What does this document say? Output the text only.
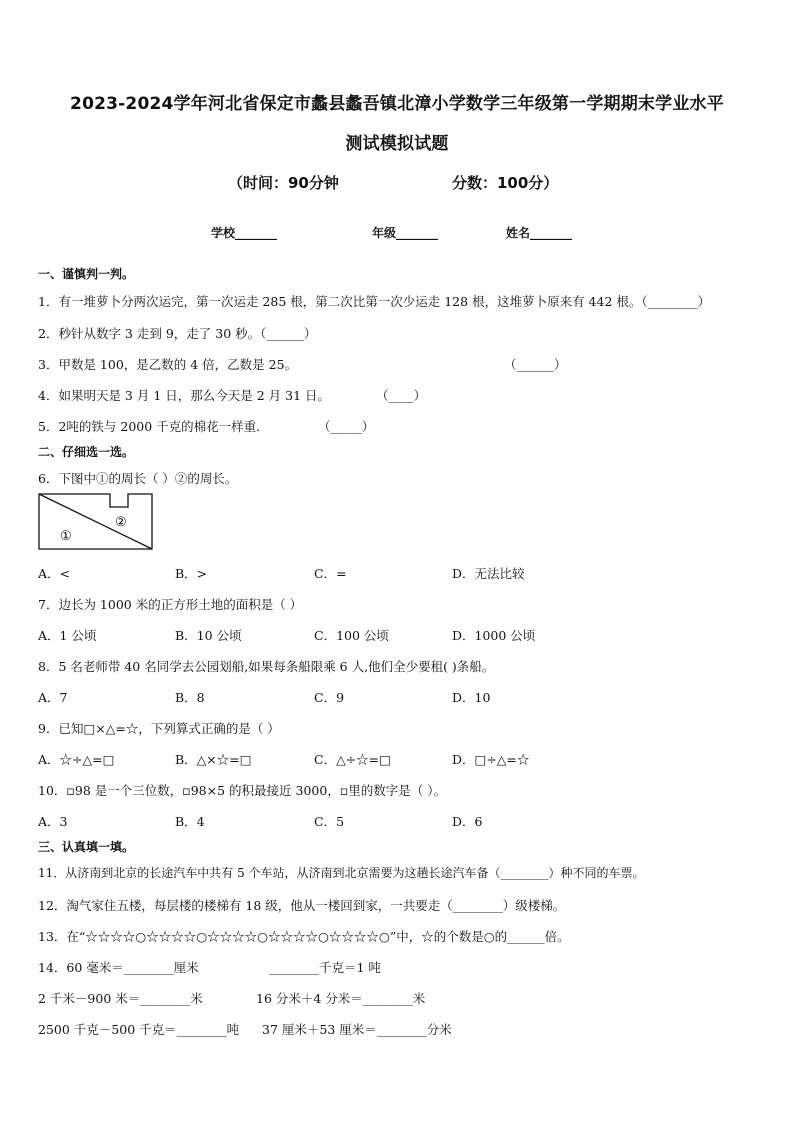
2023-2024学年河北省保定市蠡县蠡吾镇北漳小学数学三年级第一学期期末学业水平
测试模拟试题
（时间：90分钟	分数：100分）
学校_______	年级_______	姓名_______
一、谨慎判一判。
1．有一堆萝卜分两次运完，第一次运走 285 根，第二次比第一次少运走 128 根，这堆萝卜原来有 442 根。（________）
2．秒针从数字 3 走到 9，走了 30 秒。（______）
3．甲数是 100，是乙数的 4 倍，乙数是 25。	（______）
4．如果明天是 3 月 1 日，那么今天是 2 月 31 日。	（____）
5．2吨的铁与 2000 千克的棉花一样重．	（_____）
二、仔细选一选。
6．下图中①的周长（ ）②的周长。
①
②
A．<	B．>	C．=	D．无法比较
7．边长为 1000 米的正方形土地的面积是（ ）
A．1 公顷	B．10 公顷	C．100 公顷	D．1000 公顷
8．5 名老师带 40 名同学去公园划船,如果每条船限乘 6 人,他们全少要租( )条船。
A．7	B．8	C．9	D．10
9．已知□×△=☆，下列算式正确的是（ ）
A．☆÷△=□	B．△×☆=□	C．△÷☆=□	D．□÷△=☆
10．▫98 是一个三位数，▫98×5 的积最接近 3000，▫里的数字是（ ）。
A．3	B．4	C．5	D．6
三、认真填一填。
11．从济南到北京的长途汽车中共有 5 个车站，从济南到北京需要为这趟长途汽车备（________）种不同的车票。
12．淘气家住五楼，每层楼的楼梯有 18 级，他从一楼回到家，一共要走（________）级楼梯。
13．在“☆☆☆☆○☆☆☆☆○☆☆☆☆○☆☆☆☆○☆☆☆☆○”中，☆的个数是○的______倍。
14．60 毫米＝________厘米	________千克＝1 吨
2 千米－900 米＝________米	16 分米＋4 分米＝________米
2500 千克－500 千克＝________吨 37 厘米＋53 厘米＝________分米
